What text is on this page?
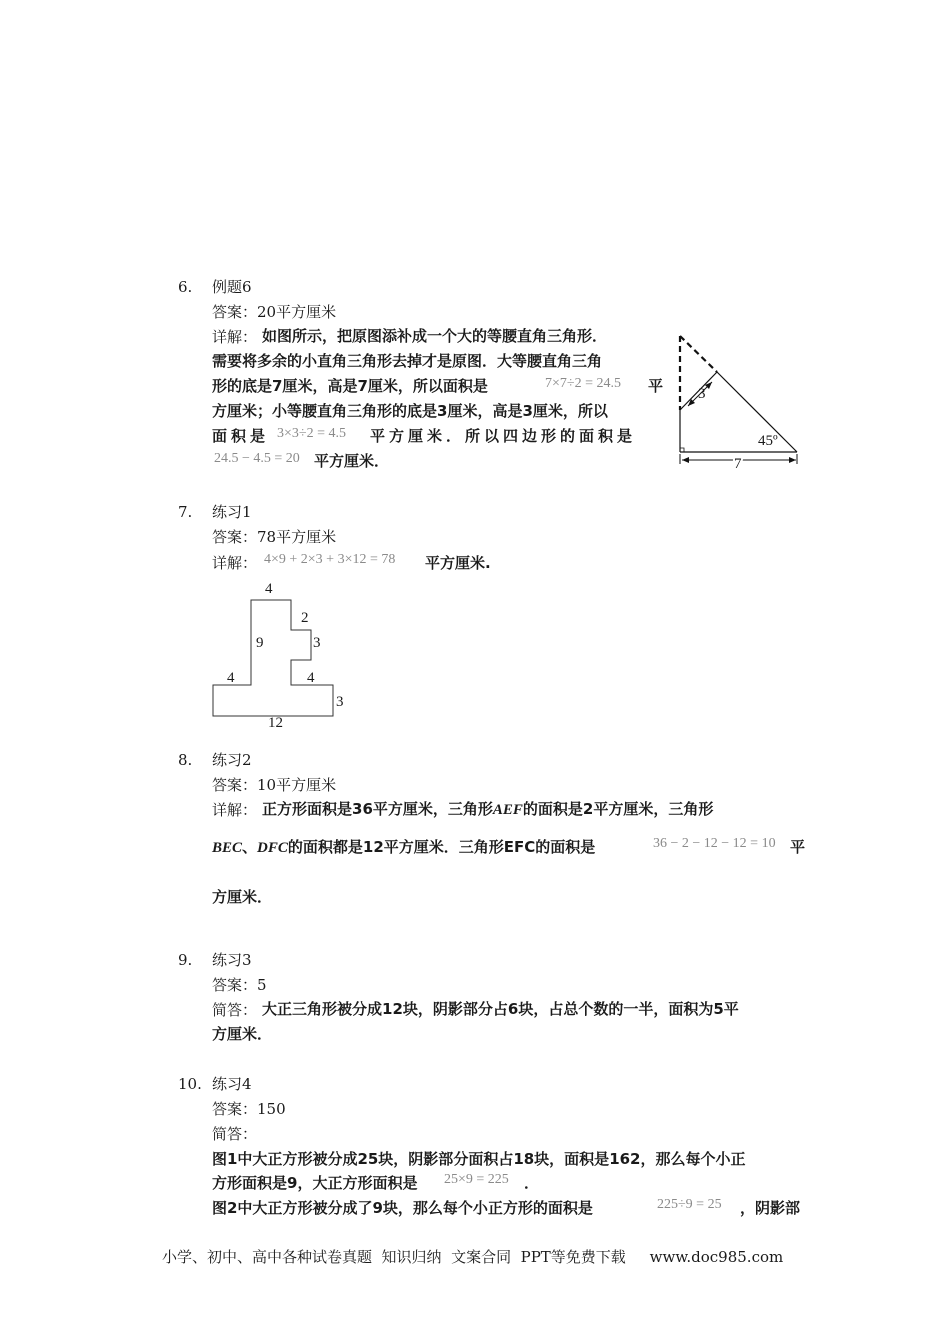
6. 例题6
答案：20平方厘米
详解： 如图所示，把原图添补成一个大的等腰直角三角形．
需要将多余的小直角三角形去掉才是原图．大等腰直角三角
形的底是7厘米，高是7厘米，所以面积是	7×7÷2 = 24.5 平
方厘米；小等腰直角三角形的底是3厘米，高是3厘米，所以
面积是 3×3÷2 = 4.5 平方厘米．所以四边形的面积是
24.5 − 4.5 = 20 平方厘米．
3
45º
7
7. 练习1
答案：78平方厘米
详解： 4×9 + 2×3 + 3×12 = 78 平方厘米.
4
2
9	3
4	4
3
12
8. 练习2
答案：10平方厘米
详解： 正方形面积是36平方厘米，三角形AEF的面积是2平方厘米，三角形
BEC、DFC的面积都是12平方厘米．三角形EFC的面积是	36 − 2 − 12 − 12 = 10 平
方厘米．
9. 练习3
答案：5
简答： 大正三角形被分成12块，阴影部分占6块，占总个数的一半，面积为5平
方厘米．
10. 练习4
答案：150
简答：
图1中大正方形被分成25块，阴影部分面积占18块，面积是162，那么每个小正
方形面积是9，大正方形面积是 25×9 = 225 ．
图2中大正方形被分成了9块，那么每个小正方形的面积是	225÷9 = 25 ，阴影部
小学、初中、高中各种试卷真题  知识归纳  文案合同  PPT等免费下载     www.doc985.com
